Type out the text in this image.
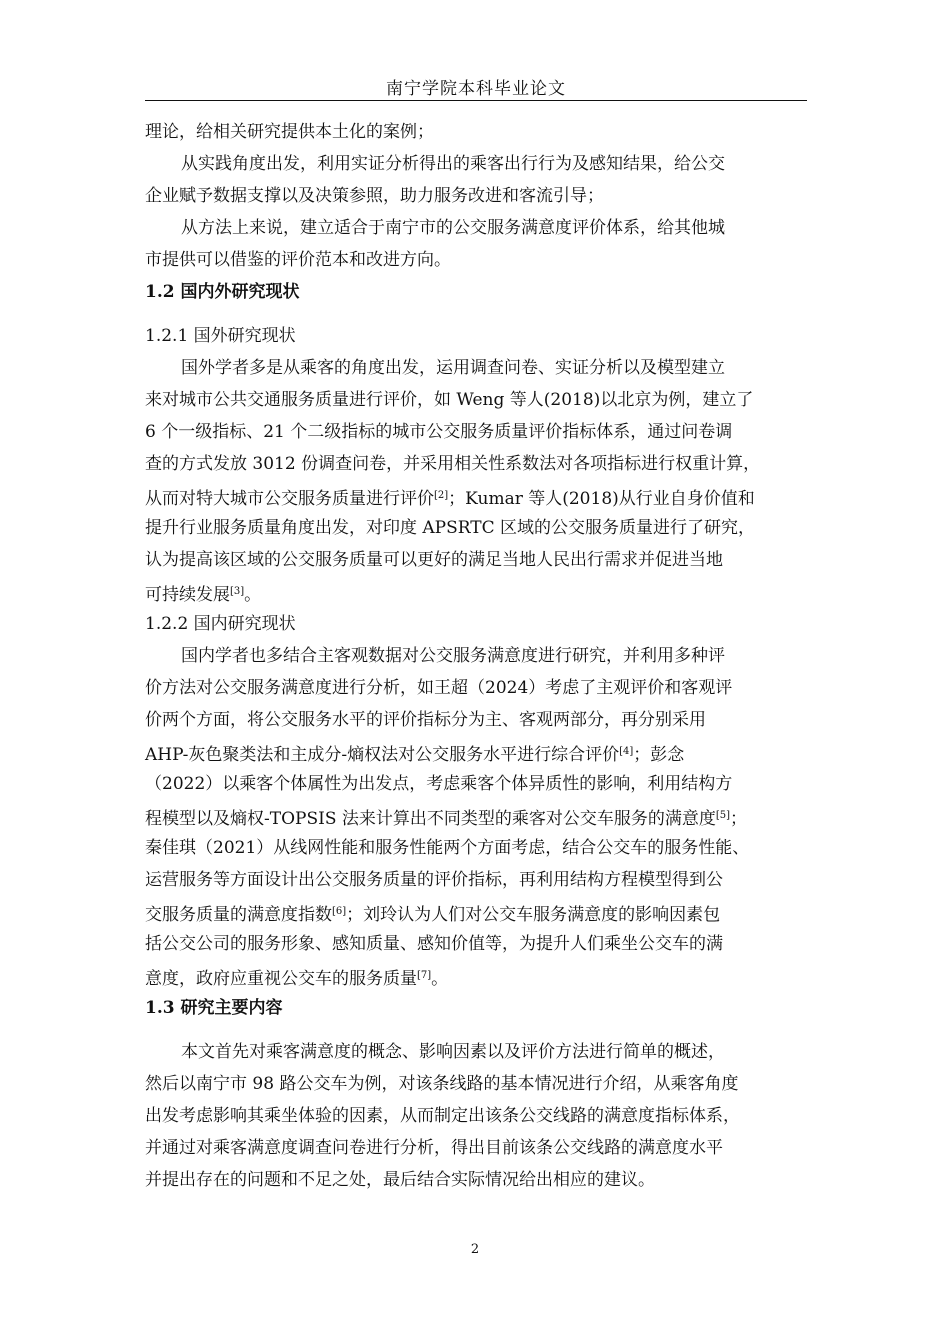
南宁学院本科毕业论文
理论，给相关研究提供本土化的案例；
从实践角度出发，利用实证分析得出的乘客出行行为及感知结果，给公交
企业赋予数据支撑以及决策参照，助力服务改进和客流引导；
从方法上来说，建立适合于南宁市的公交服务满意度评价体系，给其他城
市提供可以借鉴的评价范本和改进方向。
1.2 国内外研究现状
1.2.1 国外研究现状
国外学者多是从乘客的角度出发，运用调查问卷、实证分析以及模型建立
来对城市公共交通服务质量进行评价，如 Weng 等人(2018)以北京为例，建立了
6 个一级指标、21 个二级指标的城市公交服务质量评价指标体系，通过问卷调
查的方式发放 3012 份调查问卷，并采用相关性系数法对各项指标进行权重计算，
从而对特大城市公交服务质量进行评价[2]；Kumar 等人(2018)从行业自身价值和
提升行业服务质量角度出发，对印度 APSRTC 区域的公交服务质量进行了研究，
认为提高该区域的公交服务质量可以更好的满足当地人民出行需求并促进当地
可持续发展[3]。
1.2.2 国内研究现状
国内学者也多结合主客观数据对公交服务满意度进行研究，并利用多种评
价方法对公交服务满意度进行分析，如王超（2024）考虑了主观评价和客观评
价两个方面，将公交服务水平的评价指标分为主、客观两部分，再分别采用
AHP-灰色聚类法和主成分-熵权法对公交服务水平进行综合评价[4]；彭念
（2022）以乘客个体属性为出发点，考虑乘客个体异质性的影响，利用结构方
程模型以及熵权-TOPSIS 法来计算出不同类型的乘客对公交车服务的满意度[5]；
秦佳琪（2021）从线网性能和服务性能两个方面考虑，结合公交车的服务性能、
运营服务等方面设计出公交服务质量的评价指标，再利用结构方程模型得到公
交服务质量的满意度指数[6]；刘玲认为人们对公交车服务满意度的影响因素包
括公交公司的服务形象、感知质量、感知价值等，为提升人们乘坐公交车的满
意度，政府应重视公交车的服务质量[7]。
1.3 研究主要内容
本文首先对乘客满意度的概念、影响因素以及评价方法进行简单的概述，
然后以南宁市 98 路公交车为例，对该条线路的基本情况进行介绍，从乘客角度
出发考虑影响其乘坐体验的因素，从而制定出该条公交线路的满意度指标体系，
并通过对乘客满意度调查问卷进行分析，得出目前该条公交线路的满意度水平
并提出存在的问题和不足之处，最后结合实际情况给出相应的建议。
2
